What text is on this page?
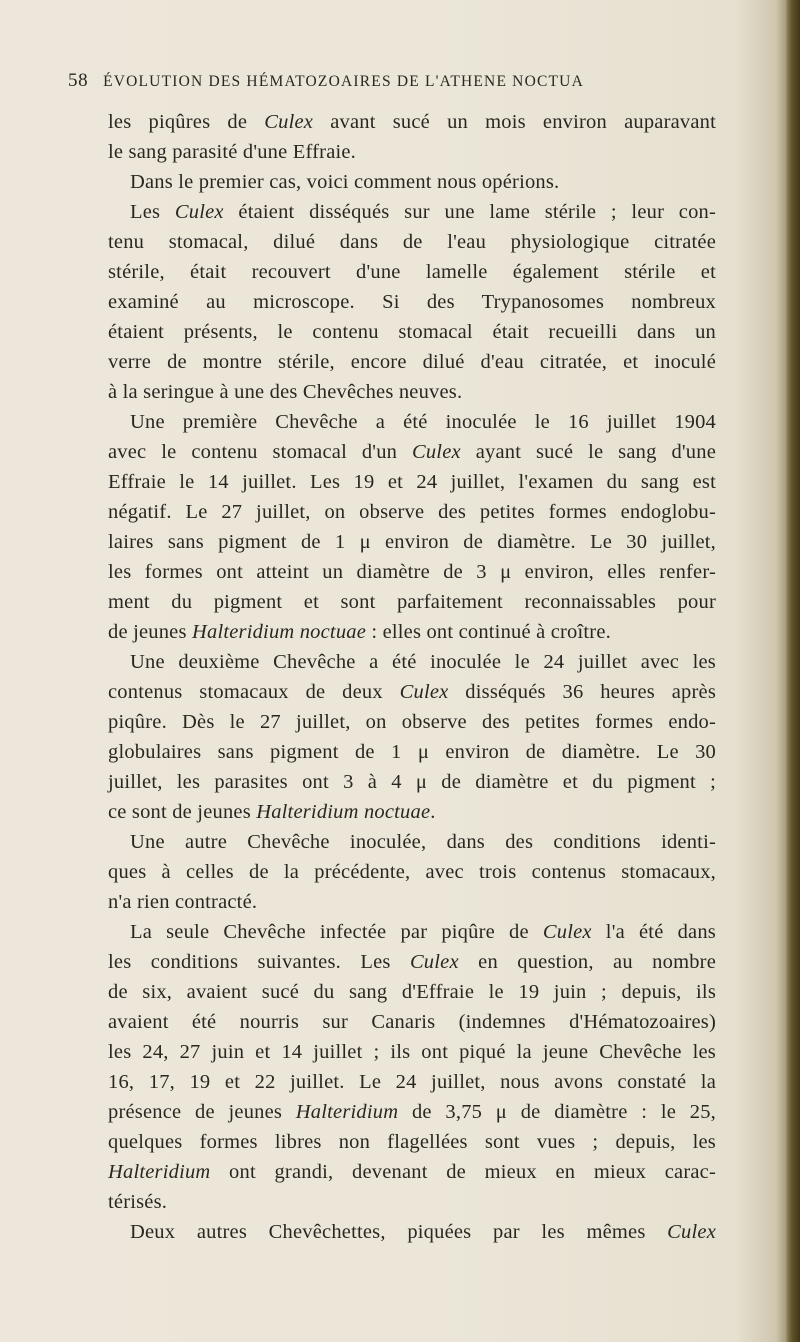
58 ÉVOLUTION DES HÉMATOZOAIRES DE L'ATHENE NOCTUA
les piqûres de Culex avant sucé un mois environ auparavant
le sang parasité d'une Effraie.
Dans le premier cas, voici comment nous opérions.
Les Culex étaient disséqués sur une lame stérile ; leur con-
tenu stomacal, dilué dans de l'eau physiologique citratée
stérile, était recouvert d'une lamelle également stérile et
examiné au microscope. Si des Trypanosomes nombreux
étaient présents, le contenu stomacal était recueilli dans un
verre de montre stérile, encore dilué d'eau citratée, et inoculé
à la seringue à une des Chevêches neuves.
Une première Chevêche a été inoculée le 16 juillet 1904
avec le contenu stomacal d'un Culex ayant sucé le sang d'une
Effraie le 14 juillet. Les 19 et 24 juillet, l'examen du sang est
négatif. Le 27 juillet, on observe des petites formes endoglobu-
laires sans pigment de 1 μ environ de diamètre. Le 30 juillet,
les formes ont atteint un diamètre de 3 μ environ, elles renfer-
ment du pigment et sont parfaitement reconnaissables pour
de jeunes Halteridium noctuae : elles ont continué à croître.
Une deuxième Chevêche a été inoculée le 24 juillet avec les
contenus stomacaux de deux Culex disséqués 36 heures après
piqûre. Dès le 27 juillet, on observe des petites formes endo-
globulaires sans pigment de 1 μ environ de diamètre. Le 30
juillet, les parasites ont 3 à 4 μ de diamètre et du pigment ;
ce sont de jeunes Halteridium noctuae.
Une autre Chevêche inoculée, dans des conditions identi-
ques à celles de la précédente, avec trois contenus stomacaux,
n'a rien contracté.
La seule Chevêche infectée par piqûre de Culex l'a été dans
les conditions suivantes. Les Culex en question, au nombre
de six, avaient sucé du sang d'Effraie le 19 juin ; depuis, ils
avaient été nourris sur Canaris (indemnes d'Hématozoaires)
les 24, 27 juin et 14 juillet ; ils ont piqué la jeune Chevêche les
16, 17, 19 et 22 juillet. Le 24 juillet, nous avons constaté la
présence de jeunes Halteridium de 3,75 μ de diamètre : le 25,
quelques formes libres non flagellées sont vues ; depuis, les
Halteridium ont grandi, devenant de mieux en mieux carac-
térisés.
Deux autres Chevêchettes, piquées par les mêmes Culex
